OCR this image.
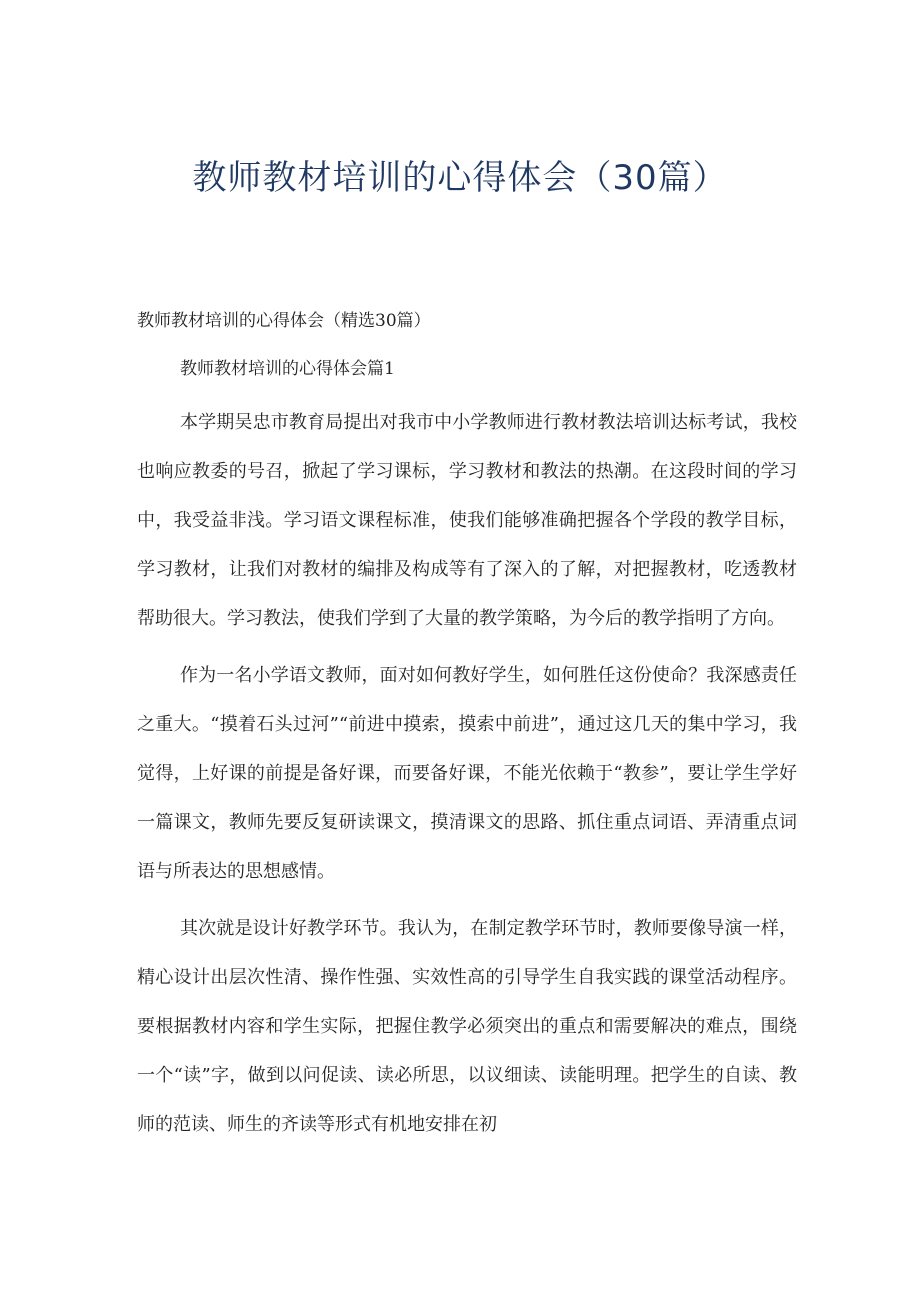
教师教材培训的心得体会（30篇）
教师教材培训的心得体会（精选30篇）
教师教材培训的心得体会篇1

本学期吴忠市教育局提出对我市中小学教师进行教材教法培训达标考试，我校也响应教委的号召，掀起了学习课标，学习教材和教法的热潮。在这段时间的学习中，我受益非浅。学习语文课程标准，使我们能够准确把握各个学段的教学目标，学习教材，让我们对教材的编排及构成等有了深入的了解，对把握教材，吃透教材帮助很大。学习教法，使我们学到了大量的教学策略，为今后的教学指明了方向。

作为一名小学语文教师，面对如何教好学生，如何胜任这份使命？我深感责任之重大。“摸着石头过河”“前进中摸索，摸索中前进”，通过这几天的集中学习，我觉得，上好课的前提是备好课，而要备好课，不能光依赖于“教参”，要让学生学好一篇课文，教师先要反复研读课文，摸清课文的思路、抓住重点词语、弄清重点词语与所表达的思想感情。

其次就是设计好教学环节。我认为，在制定教学环节时，教师要像导演一样，精心设计出层次性清、操作性强、实效性高的引导学生自我实践的课堂活动程序。要根据教材内容和学生实际，把握住教学必须突出的重点和需要解决的难点，围绕一个“读”字，做到以问促读、读必所思，以议细读、读能明理。把学生的自读、教师的范读、师生的齐读等形式有机地安排在初
